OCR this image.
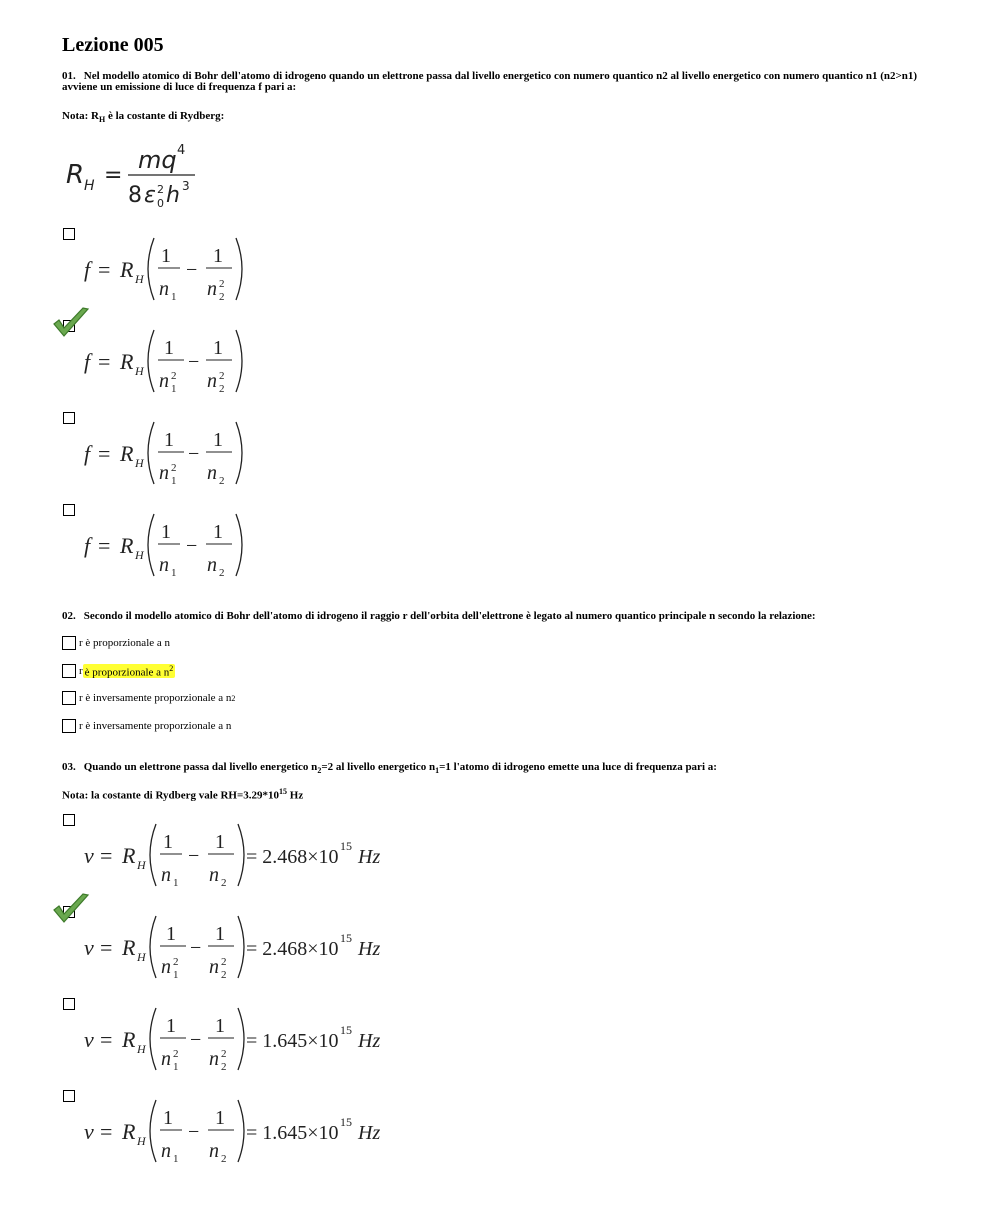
Lezione 005
01. Nel modello atomico di Bohr dell'atomo di idrogeno quando un elettrone passa dal livello energetico con numero quantico n2 al livello energetico con numero quantico n1 (n2>n1) avviene un emissione di luce di frequenza f pari a:
Nota: $R_H$ è la costante di Rydberg:
R H =
mq 4
8 ε 2
0 h 3
f = R H
1
n 1
−
1
n 2
2
f = R H
1
n 2
1
−
1
n 2
2
f = R H
1
n 2
1
−
1
n 2
f = R H
1
n 1
−
1
n 2
02. Secondo il modello atomico di Bohr dell'atomo di idrogeno il raggio r dell'orbita dell'elettrone è legato al numero quantico principale n secondo la relazione:
r è proporzionale a n
r è proporzionale a $n^2$
r è inversamente proporzionale a n 2
r è inversamente proporzionale a n
03. Quando un elettrone passa dal livello energetico $n_2=2$ al livello energetico $n_1=1$ l'atomo di idrogeno emette una luce di frequenza pari a:
Nota: la costante di Rydberg vale $RH=3.29*10^{15}$ Hz
ν = R H
1
n 1
−
1
n 2
= 2.468×10 15 Hz
ν = R H
1
n 2
1
−
1
n 2
2
= 2.468×10 15 Hz
ν = R H
1
n 2
1
−
1
n 2
2
= 1.645×10 15 Hz
ν = R H
1
n 1
−
1
n 2
= 1.645×10 15 Hz
